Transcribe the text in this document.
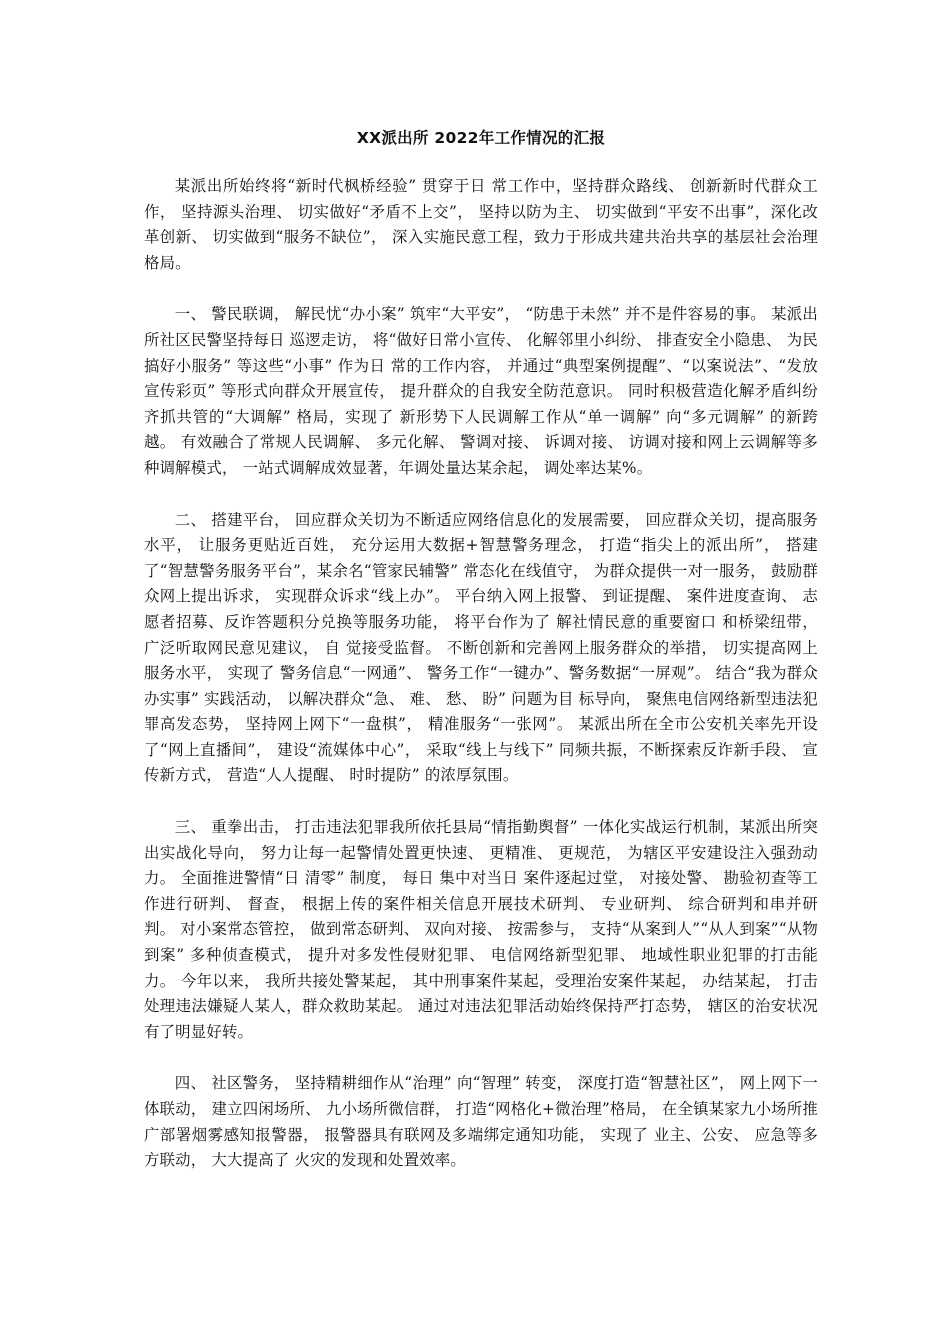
XX派出所 2022年工作情况的汇报

某派出所始终将“新时代枫桥经验” 贯穿于日 常工作中，坚持群众路线、 创新新时代群众工作， 坚持源头治理、 切实做好“矛盾不上交”， 坚持以防为主、 切实做到“平安不出事”，深化改革创新、 切实做到“服务不缺位”， 深入实施民意工程，致力于形成共建共治共享的基层社会治理格局。

一、 警民联调， 解民忧“办小案” 筑牢“大平安”， “防患于未然” 并不是件容易的事。 某派出所社区民警坚持每日 巡逻走访， 将“做好日常小宣传、 化解邻里小纠纷、 排查安全小隐患、 为民搞好小服务” 等这些“小事” 作为日 常的工作内容， 并通过“典型案例提醒”、“以案说法”、“发放宣传彩页” 等形式向群众开展宣传， 提升群众的自我安全防范意识。 同时积极营造化解矛盾纠纷齐抓共管的“大调解” 格局，实现了 新形势下人民调解工作从“单一调解” 向“多元调解” 的新跨越。 有效融合了常规人民调解、 多元化解、 警调对接、 诉调对接、 访调对接和网上云调解等多种调解模式， 一站式调解成效显著，年调处量达某余起， 调处率达某%。

二、 搭建平台， 回应群众关切为不断适应网络信息化的发展需要， 回应群众关切，提高服务水平， 让服务更贴近百姓， 充分运用大数据+智慧警务理念， 打造“指尖上的派出所”， 搭建了“智慧警务服务平台”，某余名“管家民辅警” 常态化在线值守， 为群众提供一对一服务， 鼓励群众网上提出诉求， 实现群众诉求“线上办”。 平台纳入网上报警、 到证提醒、 案件进度查询、 志愿者招募、反诈答题积分兑换等服务功能， 将平台作为了 解社情民意的重要窗口 和桥梁纽带， 广泛听取网民意见建议， 自 觉接受监督。 不断创新和完善网上服务群众的举措， 切实提高网上服务水平， 实现了 警务信息“一网通”、 警务工作“一键办”、警务数据“一屏观”。 结合“我为群众办实事” 实践活动， 以解决群众“急、 难、 愁、 盼” 问题为目 标导向， 聚焦电信网络新型违法犯罪高发态势， 坚持网上网下“一盘棋”， 精准服务“一张网”。 某派出所在全市公安机关率先开设了“网上直播间”， 建设“流媒体中心”， 采取“线上与线下” 同频共振，不断探索反诈新手段、 宣传新方式， 营造“人人提醒、 时时提防” 的浓厚氛围。

三、 重拳出击， 打击违法犯罪我所依托县局“情指勤舆督” 一体化实战运行机制，某派出所突出实战化导向， 努力让每一起警情处置更快速、 更精准、 更规范， 为辖区平安建设注入强劲动力。 全面推进警情“日 清零” 制度， 每日 集中对当日 案件逐起过堂， 对接处警、 勘验初查等工作进行研判、 督查， 根据上传的案件相关信息开展技术研判、 专业研判、 综合研判和串并研判。 对小案常态管控， 做到常态研判、 双向对接、 按需参与， 支持“从案到人”“从人到案”“从物到案” 多种侦查模式， 提升对多发性侵财犯罪、 电信网络新型犯罪、 地域性职业犯罪的打击能力。 今年以来， 我所共接处警某起， 其中刑事案件某起，受理治安案件某起， 办结某起， 打击处理违法嫌疑人某人，群众救助某起。 通过对违法犯罪活动始终保持严打态势， 辖区的治安状况有了明显好转。

四、 社区警务， 坚持精耕细作从“治理” 向“智理” 转变， 深度打造“智慧社区”， 网上网下一体联动， 建立四闲场所、 九小场所微信群， 打造“网格化+微治理”格局， 在全镇某家九小场所推广部署烟雾感知报警器， 报警器具有联网及多端绑定通知功能， 实现了 业主、公安、 应急等多方联动， 大大提高了 火灾的发现和处置效率。
